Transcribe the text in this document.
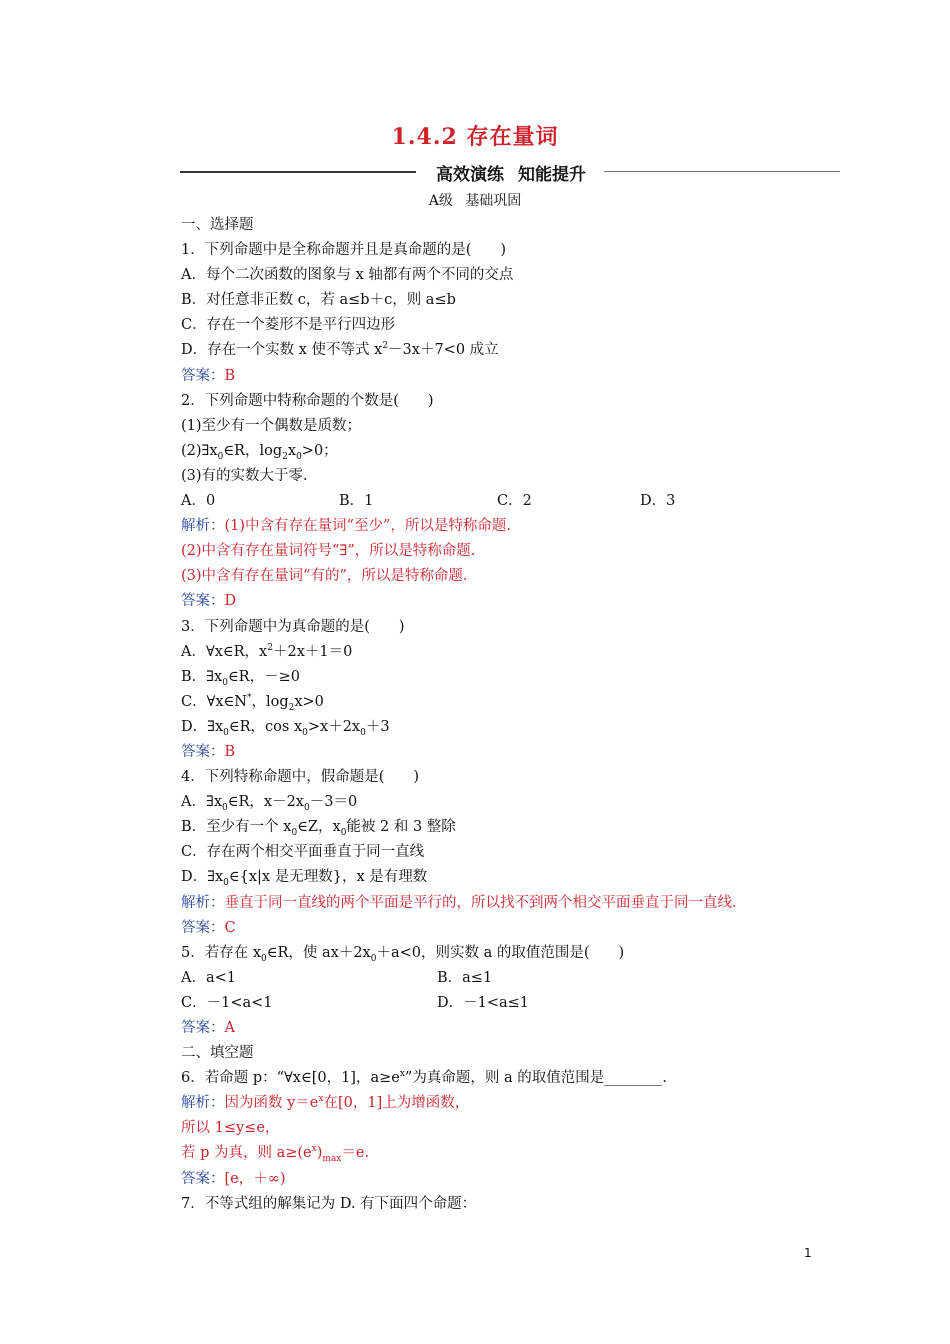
1.4.2 存在量词
高效演练 知能提升
A级 基础巩固
一、选择题
1．下列命题中是全称命题并且是真命题的是(　　)
A．每个二次函数的图象与 x 轴都有两个不同的交点
B．对任意非正数 c，若 a≤b＋c，则 a≤b
C．存在一个菱形不是平行四边形
D．存在一个实数 x 使不等式 $x^2-3x+7<0$ 成立
答案：B
2．下列命题中特称命题的个数是(　　)
(1)至少有一个偶数是质数；
$(2)\exists x_0\in R$，$\log_2x_0>0$；
(3)有的实数大于零.
A．0	B．1	C．2	D．3
解析：(1)中含有存在量词“至少”，所以是特称命题.
(2)中含有存在量词符号“∃”，所以是特称命题.
(3)中含有存在量词“有的”，所以是特称命题.
答案：D
3．下列命题中为真命题的是(　　)
A．∀x∈R，$x^2+2x+1=0$
B．$\exists x_0\in R$，－≥0
C．∀x∈N*，$\log_2x>0$
D．$\exists x_0\in R$，$\cos x_0>x+2x_0+3$
答案：B
4．下列特称命题中，假命题是(　　)
A．$\exists x_0\in R$，$x-2x_0-3=0$
B．至少有一个 $x_0\in Z$，$x_0$能被 2 和 3 整除
C．存在两个相交平面垂直于同一直线
D．$\exists x_0\in\{x|x$ 是无理数}，x 是有理数
解析：垂直于同一直线的两个平面是平行的，所以找不到两个相交平面垂直于同一直线.
答案：C
5．若存在 $x_0\in R$，使 $ax+2x_0+a<0$，则实数 a 的取值范围是(　　)
A．a<1	B．a≤1
C．－1<a<1	D．－1<a≤1
答案：A
二、填空题
6．若命题 p：“∀x∈[0，1]，$a\ge e^x$”为真命题，则 a 的取值范围是________.
解析：因为函数 $y=e^x$在[0，1]上为增函数，
所以 1≤y≤e，
若 p 为真，则 $a\ge(e^x)_{max}=e$.
答案：[e，＋∞)
7．不等式组的解集记为 D. 有下面四个命题：
1
